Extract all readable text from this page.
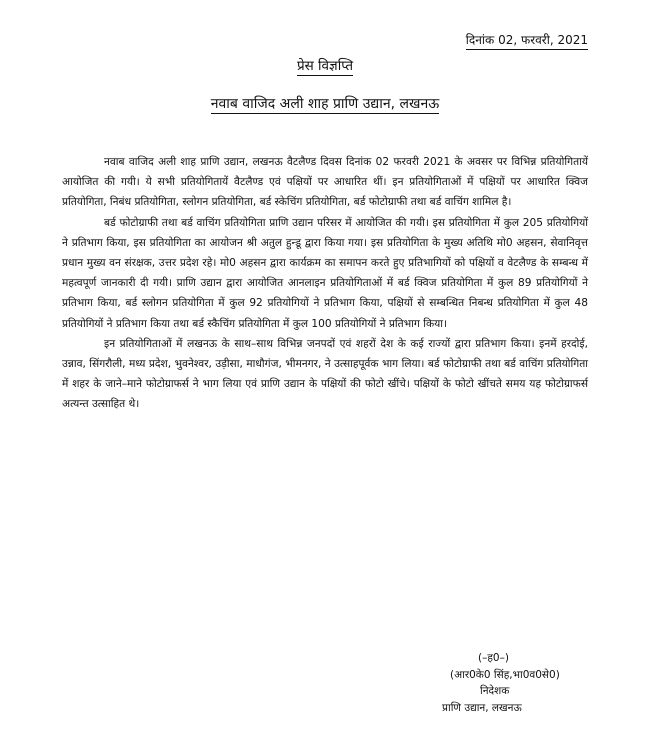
दिनांक 02, फरवरी, 2021
प्रेस विज्ञप्ति
नवाब वाजिद अली शाह प्राणि उद्यान, लखनऊ

नवाब वाजिद अली शाह प्राणि उद्यान, लखनऊ वैटलैण्ड दिवस दिनांक 02 फरवरी 2021 के अवसर पर विभिन्न प्रतियोगितायें आयोजित की गयी। ये सभी प्रतियोगितायें वैटलैण्ड एवं पक्षियों पर आधारित थीं। इन प्रतियोगिताओं में पक्षियों पर आधारित क्विज प्रतियोगिता, निबंध प्रतियोगिता, स्लोगन प्रतियोगिता, बर्ड स्केचिंग प्रतियोगिता, बर्ड फोटोग्राफी तथा बर्ड वाचिंग शामिल है।

बर्ड फोटोग्राफी तथा बर्ड वाचिंग प्रतियोगिता प्राणि उद्यान परिसर में आयोजित की गयी। इस प्रतियोगिता में कुल 205 प्रतियोगियों ने प्रतिभाग किया, इस प्रतियोगिता का आयोजन श्री अतुल हुन्डू द्वारा किया गया। इस प्रतियोगिता के मुख्य अतिथि मो0 अहसन, सेवानिवृत्त प्रधान मुख्य वन संरक्षक, उत्तर प्रदेश रहे। मो0 अहसन द्वारा कार्यक्रम का समापन करते हुए प्रतिभागियों को पक्षियों व वेटलैण्ड के सम्बन्ध में महत्वपूर्ण जानकारी दी गयी। प्राणि उद्यान द्वारा आयोजित आनलाइन प्रतियोगिताओं में बर्ड क्विज प्रतियोगिता में कुल 89 प्रतियोगियों ने प्रतिभाग किया, बर्ड स्लोगन प्रतियोगिता में कुल 92 प्रतियोगियों ने प्रतिभाग किया, पक्षियों से सम्बन्धित निबन्ध प्रतियोगिता में कुल 48 प्रतियोगियों ने प्रतिभाग किया तथा बर्ड स्कैचिंग प्रतियोगिता में कुल 100 प्रतियोगियों ने प्रतिभाग किया।

इन प्रतियोगिताओं में लखनऊ के साथ–साथ विभिन्न जनपदों एवं शहरों देश के कई राज्यों द्वारा प्रतिभाग किया। इनमें हरदोई, उन्नाव, सिंगरौली, मध्य प्रदेश, भुवनेश्वर, उड़ीसा, माधौगंज, भीमनगर, ने उत्साहपूर्वक भाग लिया। बर्ड फोटोग्राफी तथा बर्ड वाचिंग प्रतियोगिता में शहर के जाने–माने फोटोग्राफर्स ने भाग लिया एवं प्राणि उद्यान के पक्षियों की फोटो खींचे। पक्षियों के फोटो खींचते समय यह फोटोग्राफर्स अत्यन्त उत्साहित थे।

(–ह0–)
(आर0के0 सिंह,भा0व0से0)
निदेशक
प्राणि उद्यान, लखनऊ
